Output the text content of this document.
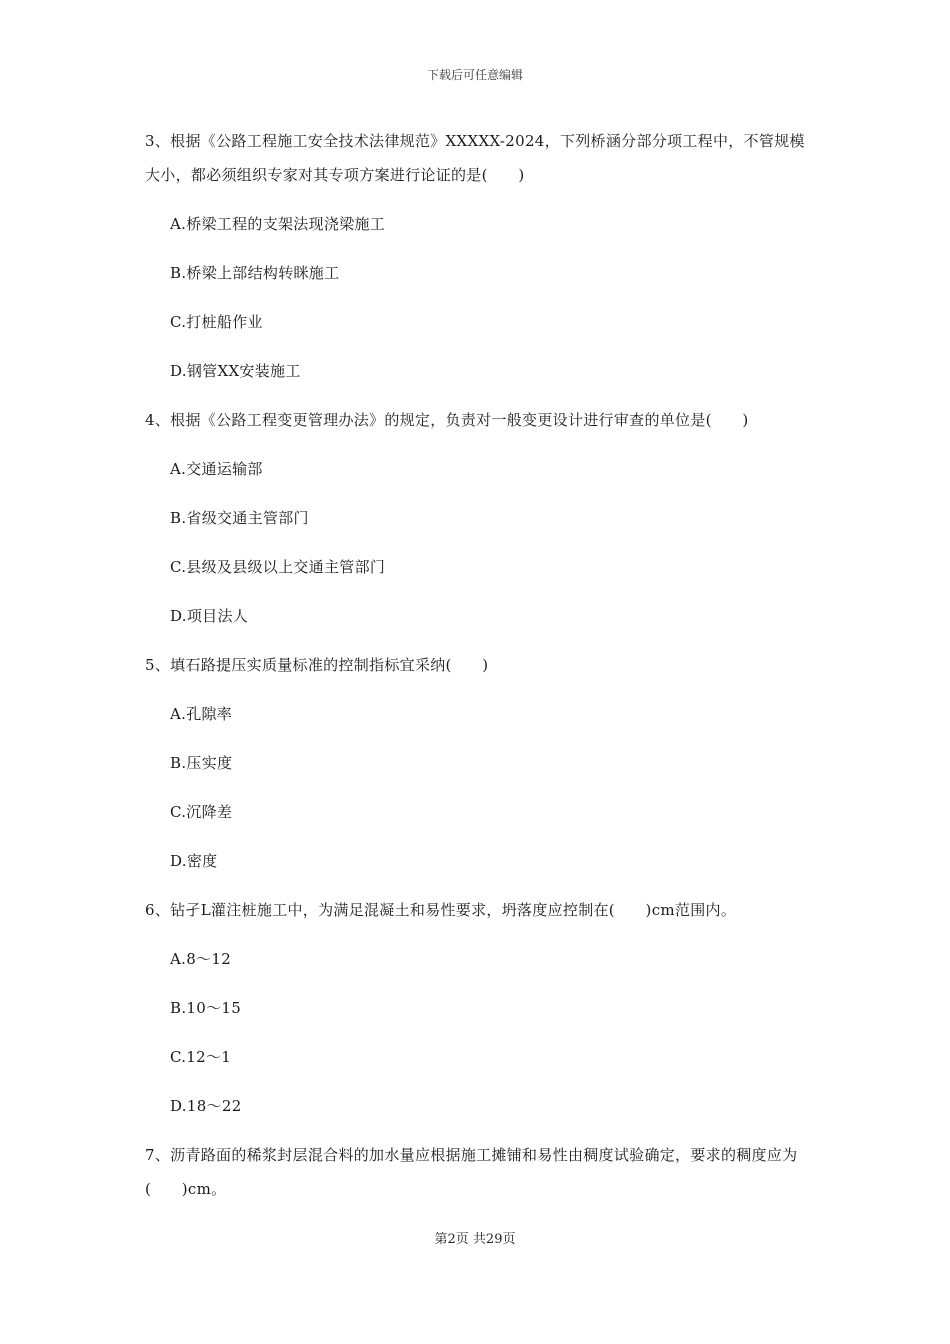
下载后可任意编辑
3、根据《公路工程施工安全技术法律规范》XXXXX-2024，下列桥涵分部分项工程中，不管规模大小，都必须组织专家对其专项方案进行论证的是(　　)
A.桥梁工程的支架法现浇梁施工
B.桥梁上部结构转眯施工
C.打桩船作业
D.钢管XX安装施工
4、根据《公路工程变更管理办法》的规定，负责对一般变更设计进行审查的单位是(　　)
A.交通运输部
B.省级交通主管部门
C.县级及县级以上交通主管部门
D.项目法人
5、填石路提压实质量标准的控制指标宜采纳(　　)
A.孔隙率
B.压实度
C.沉降差
D.密度
6、钻孑L灌注桩施工中，为满足混凝土和易性要求，坍落度应控制在(　　)cm范围内。
A.8～12
B.10～15
C.12～1
D.18～22
7、沥青路面的稀浆封层混合料的加水量应根据施工摊铺和易性由稠度试验确定，要求的稠度应为(　　)cm。
第2页 共29页
